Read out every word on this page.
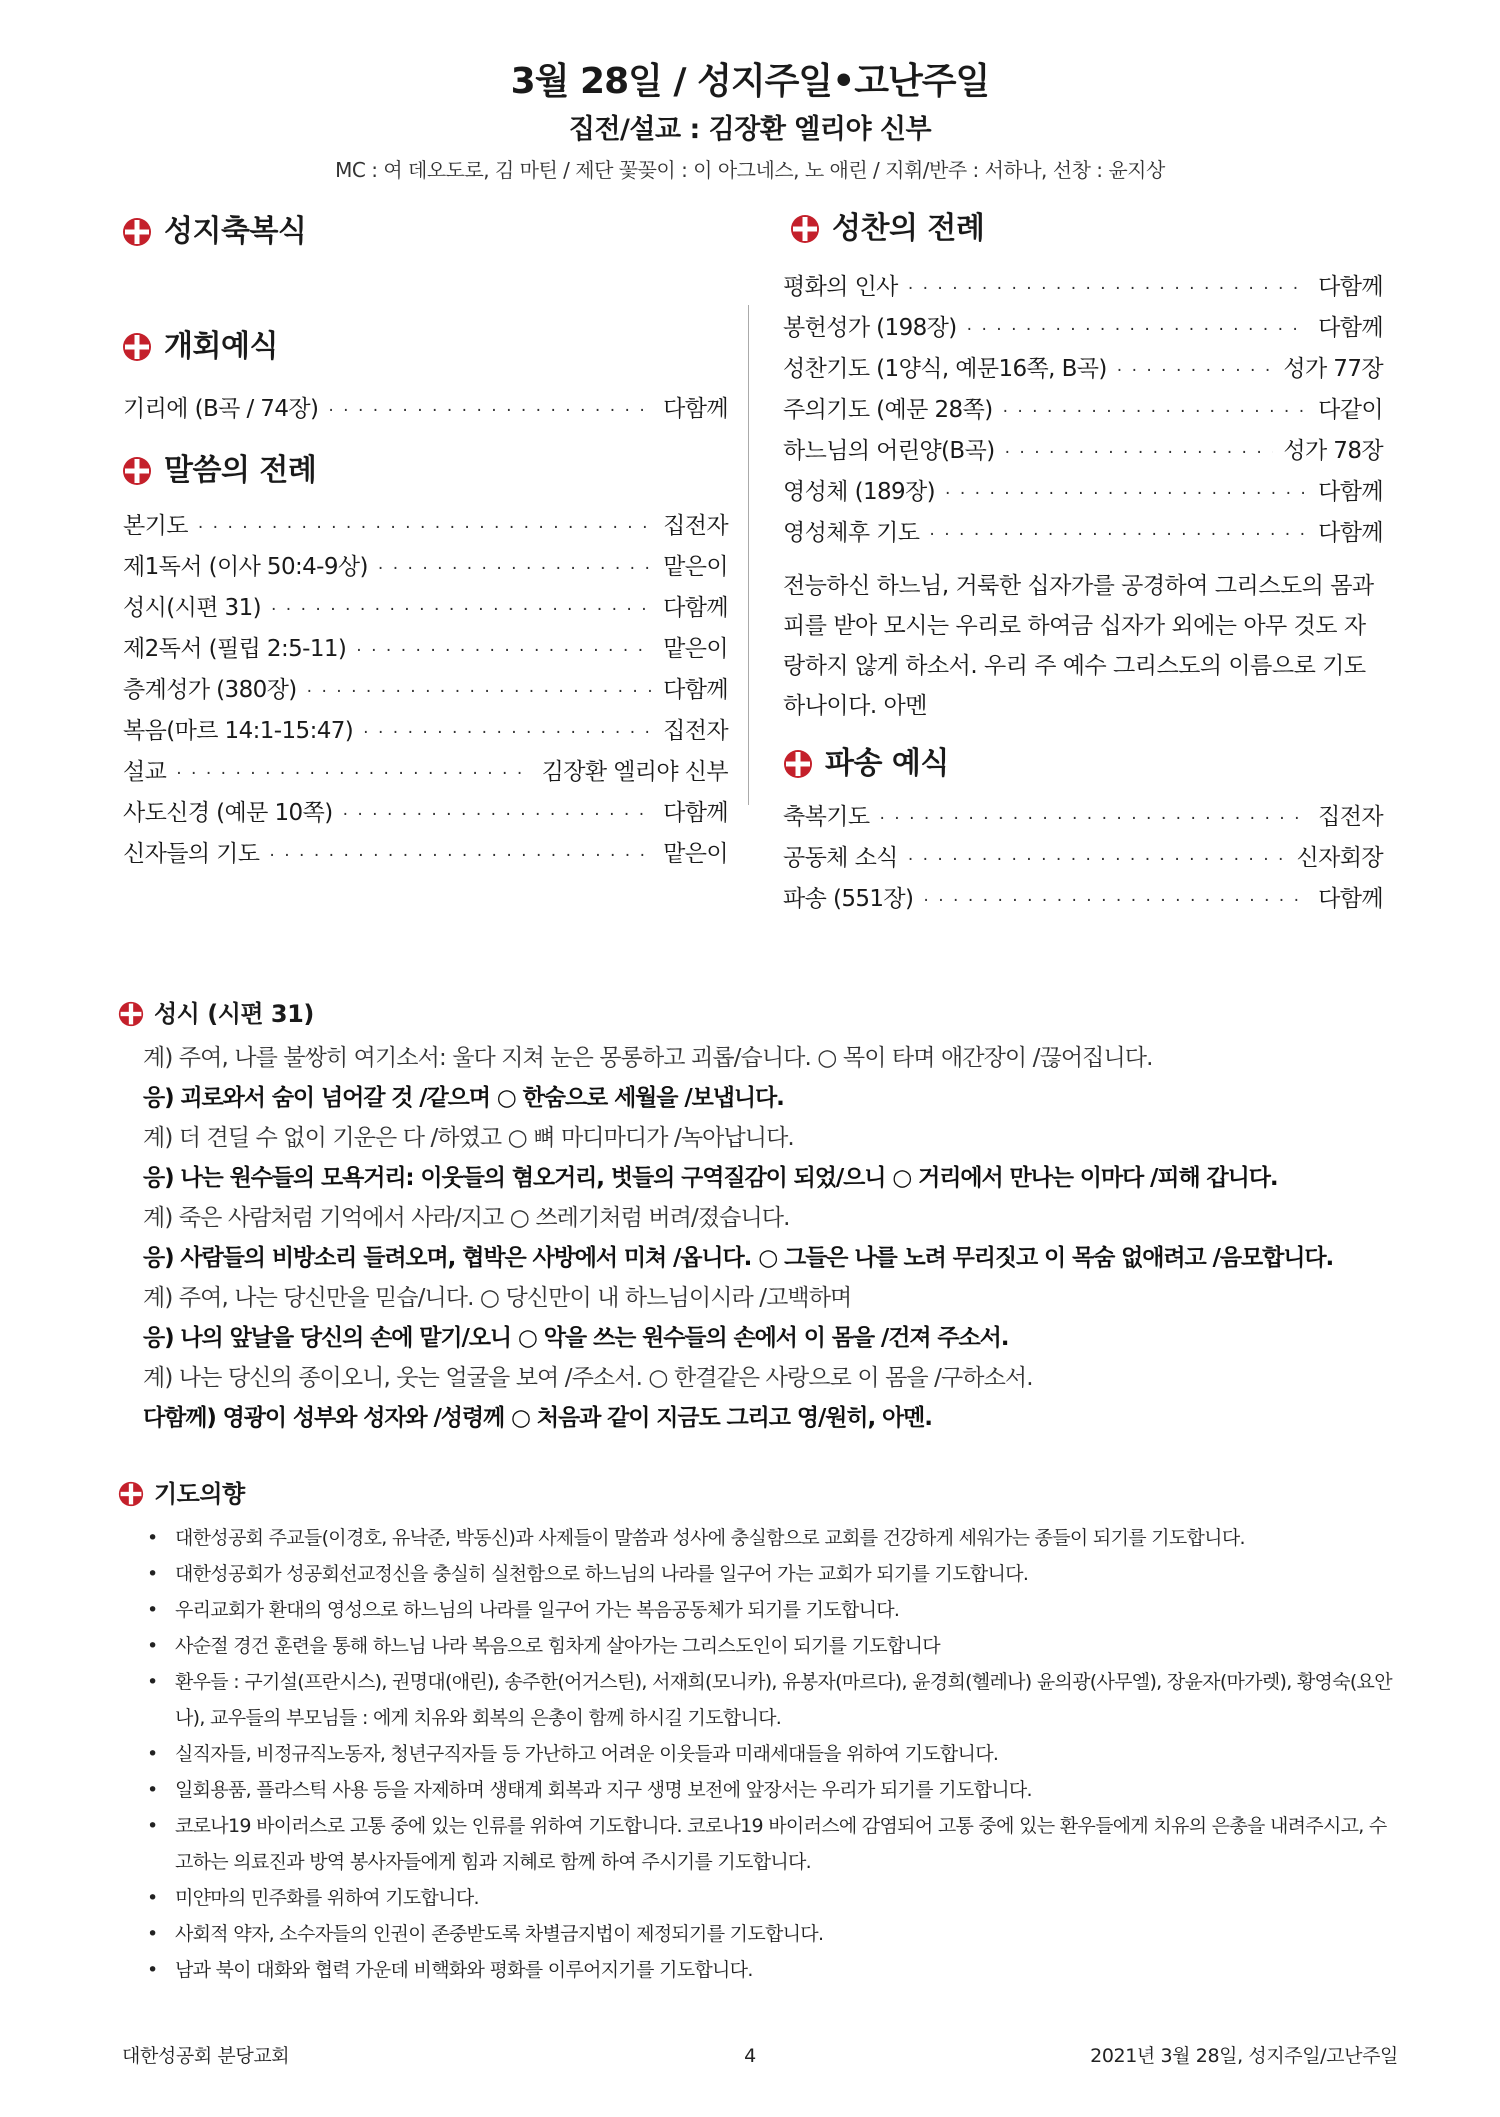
3월 28일 / 성지주일•고난주일
집전/설교 : 김장환 엘리야 신부
MC : 여 데오도로, 김 마틴 / 제단 꽃꽂이 : 이 아그네스, 노 애린 / 지휘/반주 : 서하나, 선창 : 윤지상
성지축복식
개회예식
기리에 (B곡 / 74장) · · ·	다함께
말씀의 전례
본기도 · · ·	집전자
제1독서 (이사 50:4-9상) · · ·	맡은이
성시(시편 31) · · ·	다함께
제2독서 (필립 2:5-11) · · ·	맡은이
층계성가 (380장) · · ·	다함께
복음(마르 14:1-15:47) · · ·	집전자
설교 · · ·	김장환 엘리야 신부
사도신경 (예문 10쪽) · · ·	다함께
신자들의 기도 · · ·	맡은이
성찬의 전례
평화의 인사 · · ·	다함께
봉헌성가 (198장) · · ·	다함께
성찬기도 (1양식, 예문16쪽, B곡) · · ·	성가 77장
주의기도 (예문 28쪽) · · ·	다같이
하느님의 어린양(B곡) · · ·	성가 78장
영성체 (189장) · · ·	다함께
영성체후 기도 · · ·	다함께

전능하신 하느님, 거룩한 십자가를 공경하여 그리스도의 몸과 피를 받아 모시는 우리로 하여금 십자가 외에는 아무 것도 자랑하지 않게 하소서. 우리 주 예수 그리스도의 이름으로 기도하나이다. 아멘

파송 예식
축복기도 · · ·	집전자
공동체 소식 · · ·	신자회장
파송 (551장) · · ·	다함께
성시 (시편 31)
계) 주여, 나를 불쌍히 여기소서: 울다 지쳐 눈은 몽롱하고 괴롭/습니다. ○ 목이 타며 애간장이 /끊어집니다.
응) 괴로와서 숨이 넘어갈 것 /같으며 ○ 한숨으로 세월을 /보냅니다.
계) 더 견딜 수 없이 기운은 다 /하였고 ○ 뼈 마디마디가 /녹아납니다.
응) 나는 원수들의 모욕거리: 이웃들의 혐오거리, 벗들의 구역질감이 되었/으니 ○ 거리에서 만나는 이마다 /피해 갑니다.
계) 죽은 사람처럼 기억에서 사라/지고 ○ 쓰레기처럼 버려/졌습니다.
응) 사람들의 비방소리 들려오며, 협박은 사방에서 미쳐 /옵니다. ○ 그들은 나를 노려 무리짓고 이 목숨 없애려고 /음모합니다.
계) 주여, 나는 당신만을 믿습/니다. ○ 당신만이 내 하느님이시라 /고백하며
응) 나의 앞날을 당신의 손에 맡기/오니 ○ 악을 쓰는 원수들의 손에서 이 몸을 /건져 주소서.
계) 나는 당신의 종이오니, 웃는 얼굴을 보여 /주소서. ○ 한결같은 사랑으로 이 몸을 /구하소서.
다함께) 영광이 성부와 성자와 /성령께 ○ 처음과 같이 지금도 그리고 영/원히, 아멘.
기도의향
• 대한성공회 주교들(이경호, 유낙준, 박동신)과 사제들이 말씀과 성사에 충실함으로 교회를 건강하게 세워가는 종들이 되기를 기도합니다.
• 대한성공회가 성공회선교정신을 충실히 실천함으로 하느님의 나라를 일구어 가는 교회가 되기를 기도합니다.
• 우리교회가 환대의 영성으로 하느님의 나라를 일구어 가는 복음공동체가 되기를 기도합니다.
• 사순절 경건 훈련을 통해 하느님 나라 복음으로 힘차게 살아가는 그리스도인이 되기를 기도합니다
• 환우들 : 구기설(프란시스), 권명대(애린), 송주한(어거스틴), 서재희(모니카), 유봉자(마르다), 윤경희(헬레나) 윤의광(사무엘), 장윤자(마가렛), 황영숙(요안나), 교우들의 부모님들 : 에게 치유와 회복의 은총이 함께 하시길 기도합니다.
• 실직자들, 비정규직노동자, 청년구직자들 등 가난하고 어려운 이웃들과 미래세대들을 위하여 기도합니다.
• 일회용품, 플라스틱 사용 등을 자제하며 생태계 회복과 지구 생명 보전에 앞장서는 우리가 되기를 기도합니다.
• 코로나19 바이러스로 고통 중에 있는 인류를 위하여 기도합니다. 코로나19 바이러스에 감염되어 고통 중에 있는 환우들에게 치유의 은총을 내려주시고, 수고하는 의료진과 방역 봉사자들에게 힘과 지혜로 함께 하여 주시기를 기도합니다.
• 미얀마의 민주화를 위하여 기도합니다.
• 사회적 약자, 소수자들의 인권이 존중받도록 차별금지법이 제정되기를 기도합니다.
• 남과 북이 대화와 협력 가운데 비핵화와 평화를 이루어지기를 기도합니다.
대한성공회 분당교회	4	2021년 3월 28일, 성지주일/고난주일
